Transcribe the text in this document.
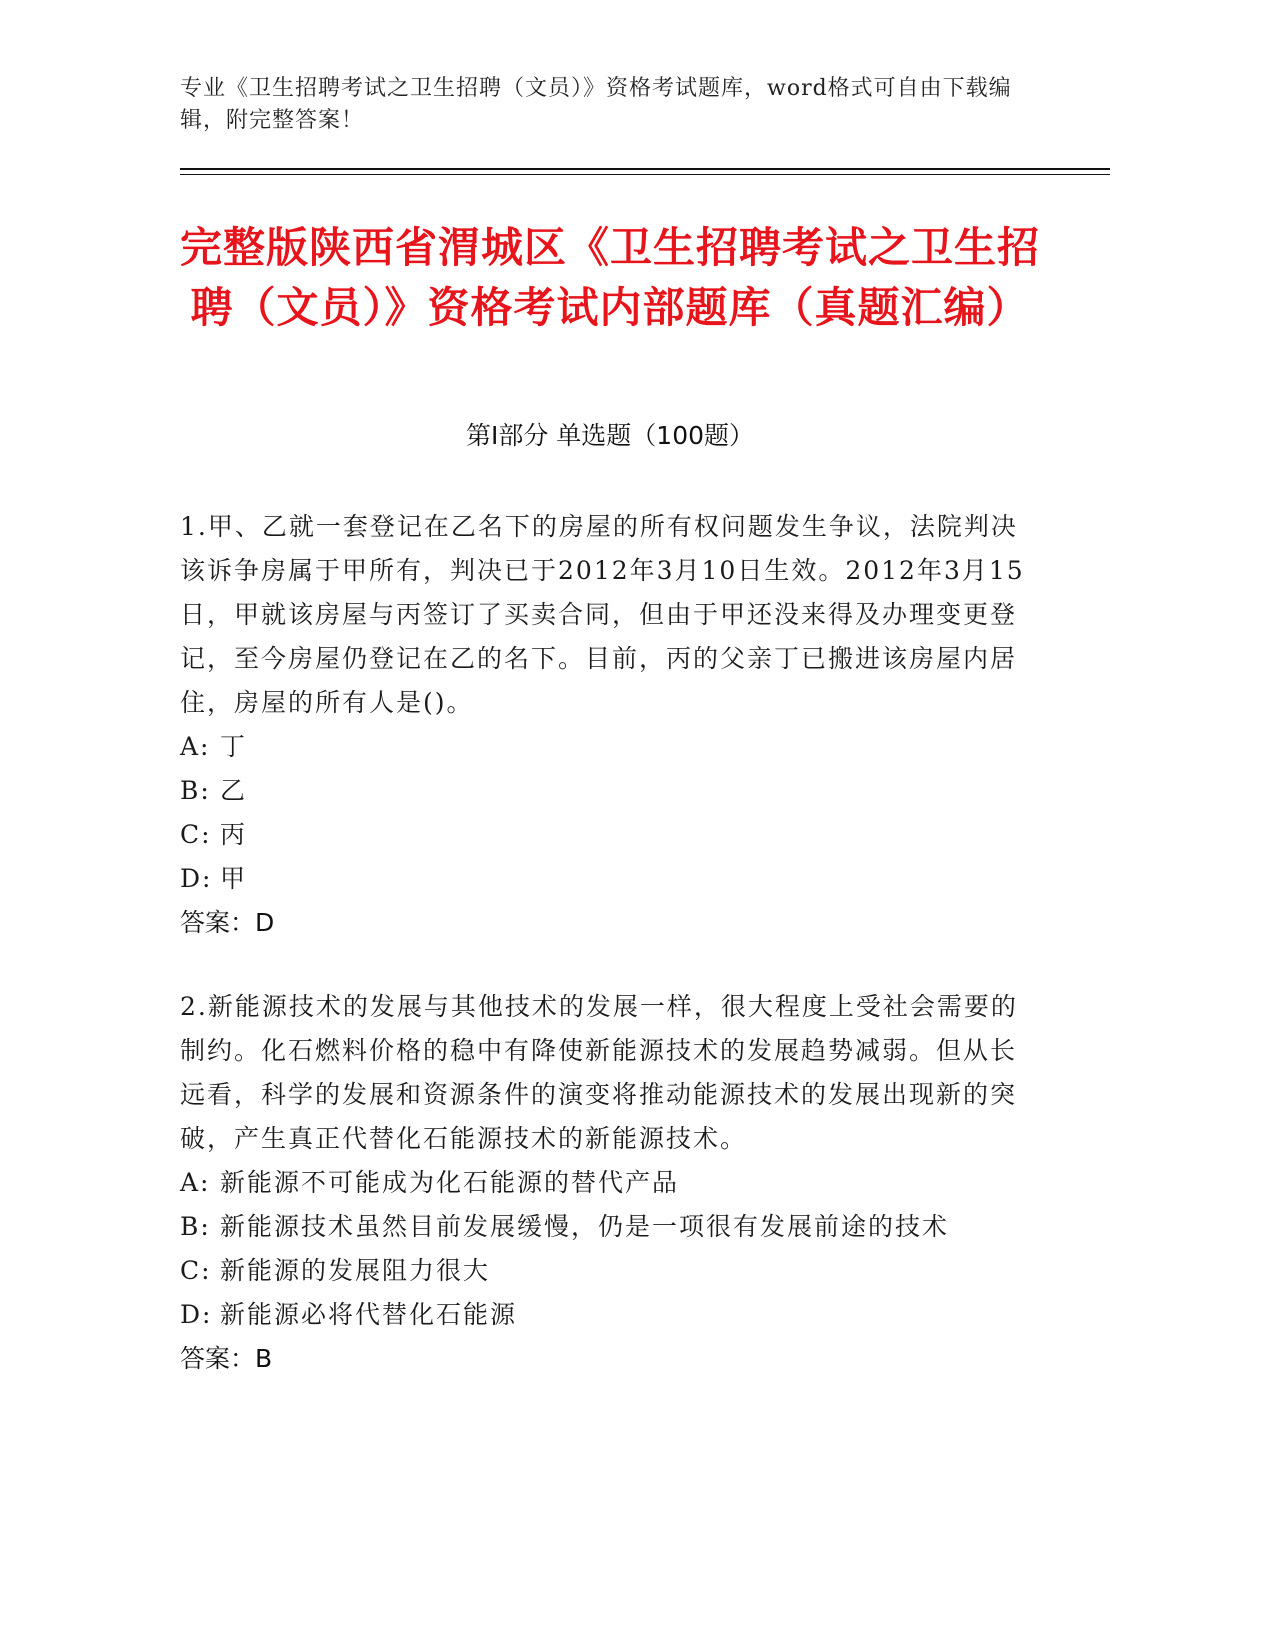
专业《卫生招聘考试之卫生招聘（文员）》资格考试题库，word格式可自由下载编辑，附完整答案！
完整版陕西省渭城区《卫生招聘考试之卫生招聘（文员）》资格考试内部题库（真题汇编）
第I部分 单选题（100题）
1.甲、乙就一套登记在乙名下的房屋的所有权问题发生争议，法院判决该诉争房属于甲所有，判决已于2012年3月10日生效。2012年3月15日，甲就该房屋与丙签订了买卖合同，但由于甲还没来得及办理变更登记，至今房屋仍登记在乙的名下。目前，丙的父亲丁已搬进该房屋内居住，房屋的所有人是()。
A: 丁
B: 乙
C: 丙
D: 甲
答案：D
2.新能源技术的发展与其他技术的发展一样，很大程度上受社会需要的制约。化石燃料价格的稳中有降使新能源技术的发展趋势减弱。但从长远看，科学的发展和资源条件的演变将推动能源技术的发展出现新的突破，产生真正代替化石能源技术的新能源技术。
A: 新能源不可能成为化石能源的替代产品
B: 新能源技术虽然目前发展缓慢，仍是一项很有发展前途的技术
C: 新能源的发展阻力很大
D: 新能源必将代替化石能源
答案：B
